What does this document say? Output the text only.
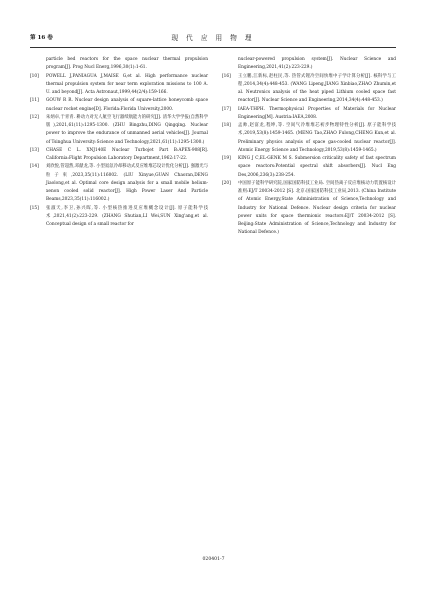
第 16 卷	现 代 应 用 物 理
particle bed reactors for the space nuclear thermal propulsion program[J]. Prog Nucl Energ,1996,30(1):1-61.
[10] POWELL J,PANIAGUA J,MAISE G,et al. High performance nuclear thermal propulsion system for near term exploration missions to 100 A. U. and beyond[J]. Acta Astronaut,1999,44(2/4):159-166.
[11] GOUW R R. Nuclear design analysis of square-lattice honeycomb space nuclear rocket engine[D]. Florida:Florida University,2000.
[12] 朱炳卓,于青青. 耕动力对无人航空飞行器续航能力的研究[J]. 清华大学学报(自然科学版),2021,61(11):1295-1300. (ZHU Bingzhu,DING Qingqing. Nuclear power to improve the endurance of unmanned aerial vehicles[J]. Journal of Tsinghua University:Science and Technology,2021,61(11):1295-1300.)
[13] CHASE C L. XNJ140E Nuclear Turbojet Part B:APEX-908[R]. California:Flight Propulsion Laboratory Department,1962:17-22.
[14] 刘欣悦,管超然,邓献龙,等. 小型氦氙冷却移动式反应堆堆芯设计优化分析[J]. 强激光与粒子束,2023,35(11):116002. (LIU Xinyue,GUAN Chaoran,DENG Jiaolong,et al. Optimal core design analysis for a small mobile helium-xenon cooled solid reactor[J]. High Power Laser And Particle Beams,2023,35(11):116002.)
[15] 张淑天,李卫,孙兴晖,等. 小型核热推进反应堆概念设计[J]. 原子能科学技术,2021,41(2):223-229. (ZHANG Shutian,LI Wei,SUN Xing'ang,et al. Conceptual design of a small reactor for
nuclear-powered propulsion system[J]. Nuclear Science and Engineering,2021,41(2):223-229.)
[16] 王立鹏,江新标,赵柱民,等. 热管式锂冷空间快堆中子学计算分析[J]. 核科学与工程,2014,34(4):448-453. (WANG Lipeng,JIANG Xinbiao,ZHAO Zhumin,et al. Neutronics analysis of the heat piped Lithium cooled space fast reactor[J]. Nuclear Science and Engineering,2014,34(4):448-453.)
[17] IAEA-THPH. Thermophysical Properties of Materials for Nuclear Engineering[M]. Austria:IAEA,2008.
[18] 孟帅,赵富龙,程坤,等. 空间气冷堆堆芯初步物理特性分析[J]. 原子能科学技术,2019,53(8):1459-1465. (MENG Tao,ZHAO Fulong,CHENG Kun,et al. Preliminary physics analysis of space gas-cooled nuclear reactor[J]. Atomic Energy Science and Technology,2019,53(8):1459-1465.)
[19] KING J C,EL-GENK M S. Submersion criticality safety of fast spectrum space reactors:Potential spectral shift absorbers[J]. Nucl Eng Des,2006,236(3):238-254.
[20] 中国原子能科学研究院,国家国防科技工业局. 空间热离子反应堆核动力装置核设计准则:EJ/T 20034-2012 [S]. 北京:国家国防科技工业局,2013. (China Institute of Atomic Energy,State Administration of Science,Technology and Industry for National Defence. Nuclear design criteria for nuclear power units for space thermionic reactors:EJ/T 20034-2012 [S]. Beijing:State Administration of Science,Technology and Industry for National Defence.)
020401-7
